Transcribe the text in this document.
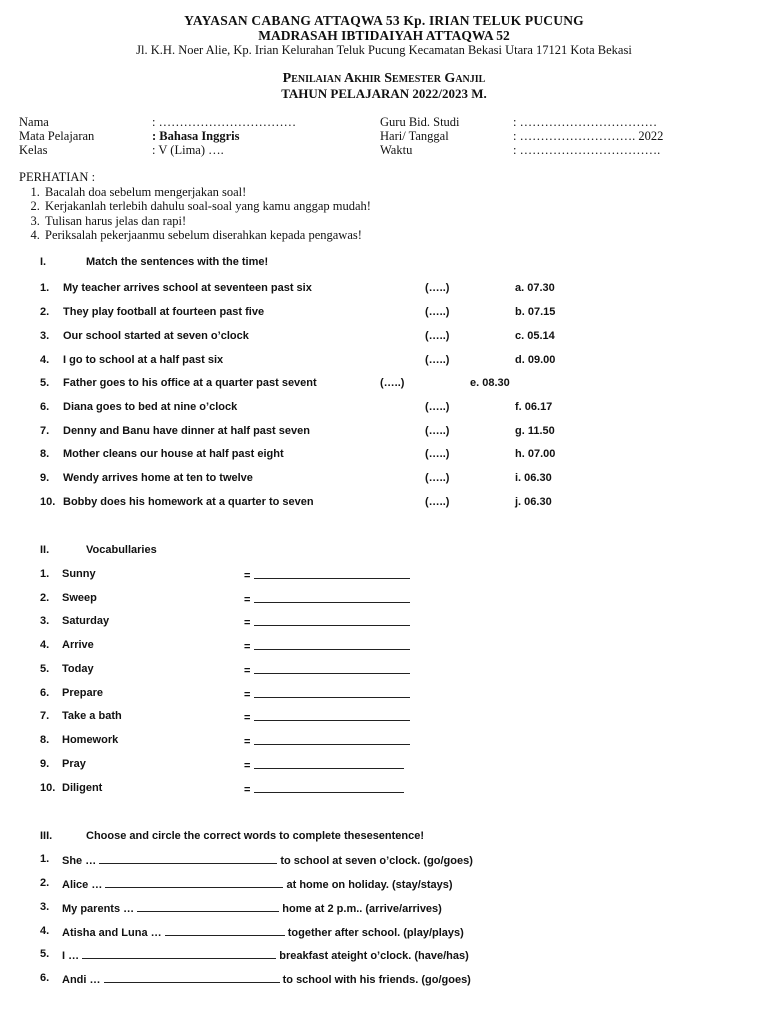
YAYASAN CABANG ATTAQWA 53 Kp. IRIAN TELUK PUCUNG
MADRASAH IBTIDAIYAH ATTAQWA 52
Jl. K.H. Noer Alie, Kp. Irian Kelurahan Teluk Pucung Kecamatan Bekasi Utara 17121 Kota Bekasi
Penilaian Akhir Semester Ganjil
TAHUN PELAJARAN 2022/2023 M.
Nama	: ……………………………
Mata Pelajaran	: Bahasa Inggris
Kelas	: V (Lima) ….
Guru Bid. Studi	: ……………………………
Hari/ Tanggal	: ………………………. 2022
Waktu	: …………………………….
PERHATIAN :
1. Bacalah doa sebelum mengerjakan soal!
2. Kerjakanlah terlebih dahulu soal-soal yang kamu anggap mudah!
3. Tulisan harus jelas dan rapi!
4. Periksalah pekerjaanmu sebelum diserahkan kepada pengawas!
I.	Match the sentences with the time!
1. My teacher arrives school at seventeen past six	(…..)	a. 07.30
2. They play football at fourteen past five	(…..)	b. 07.15
3. Our school started at seven o’clock	(…..)	c. 05.14
4. I go to school at a half past six	(…..)	d. 09.00
5. Father goes to his office at a quarter past sevent	(…..)	e. 08.30
6. Diana goes to bed at nine o’clock	(…..)	f. 06.17
7. Denny and Banu have dinner at half past seven	(…..)	g. 11.50
8. Mother cleans our house at half past eight	(…..)	h. 07.00
9. Wendy arrives home at ten to twelve	(…..)	i. 06.30
10. Bobby does his homework at a quarter to seven	(…..)	j. 06.30
II.	Vocabullaries
1. Sunny	=
2. Sweep	=
3. Saturday	=
4. Arrive	=
5. Today	=
6. Prepare	=
7. Take a bath	=
8. Homework	=
9. Pray	=
10. Diligent	=
III.	Choose and circle the correct words to complete thesesentence!
1. She …	to school at seven o’clock. (go/goes)
2. Alice …	at home on holiday. (stay/stays)
3. My parents …	home at 2 p.m.. (arrive/arrives)
4. Atisha and Luna …	together after school. (play/plays)
5. I …	breakfast ateight o’clock. (have/has)
6. Andi …	to school with his friends. (go/goes)
